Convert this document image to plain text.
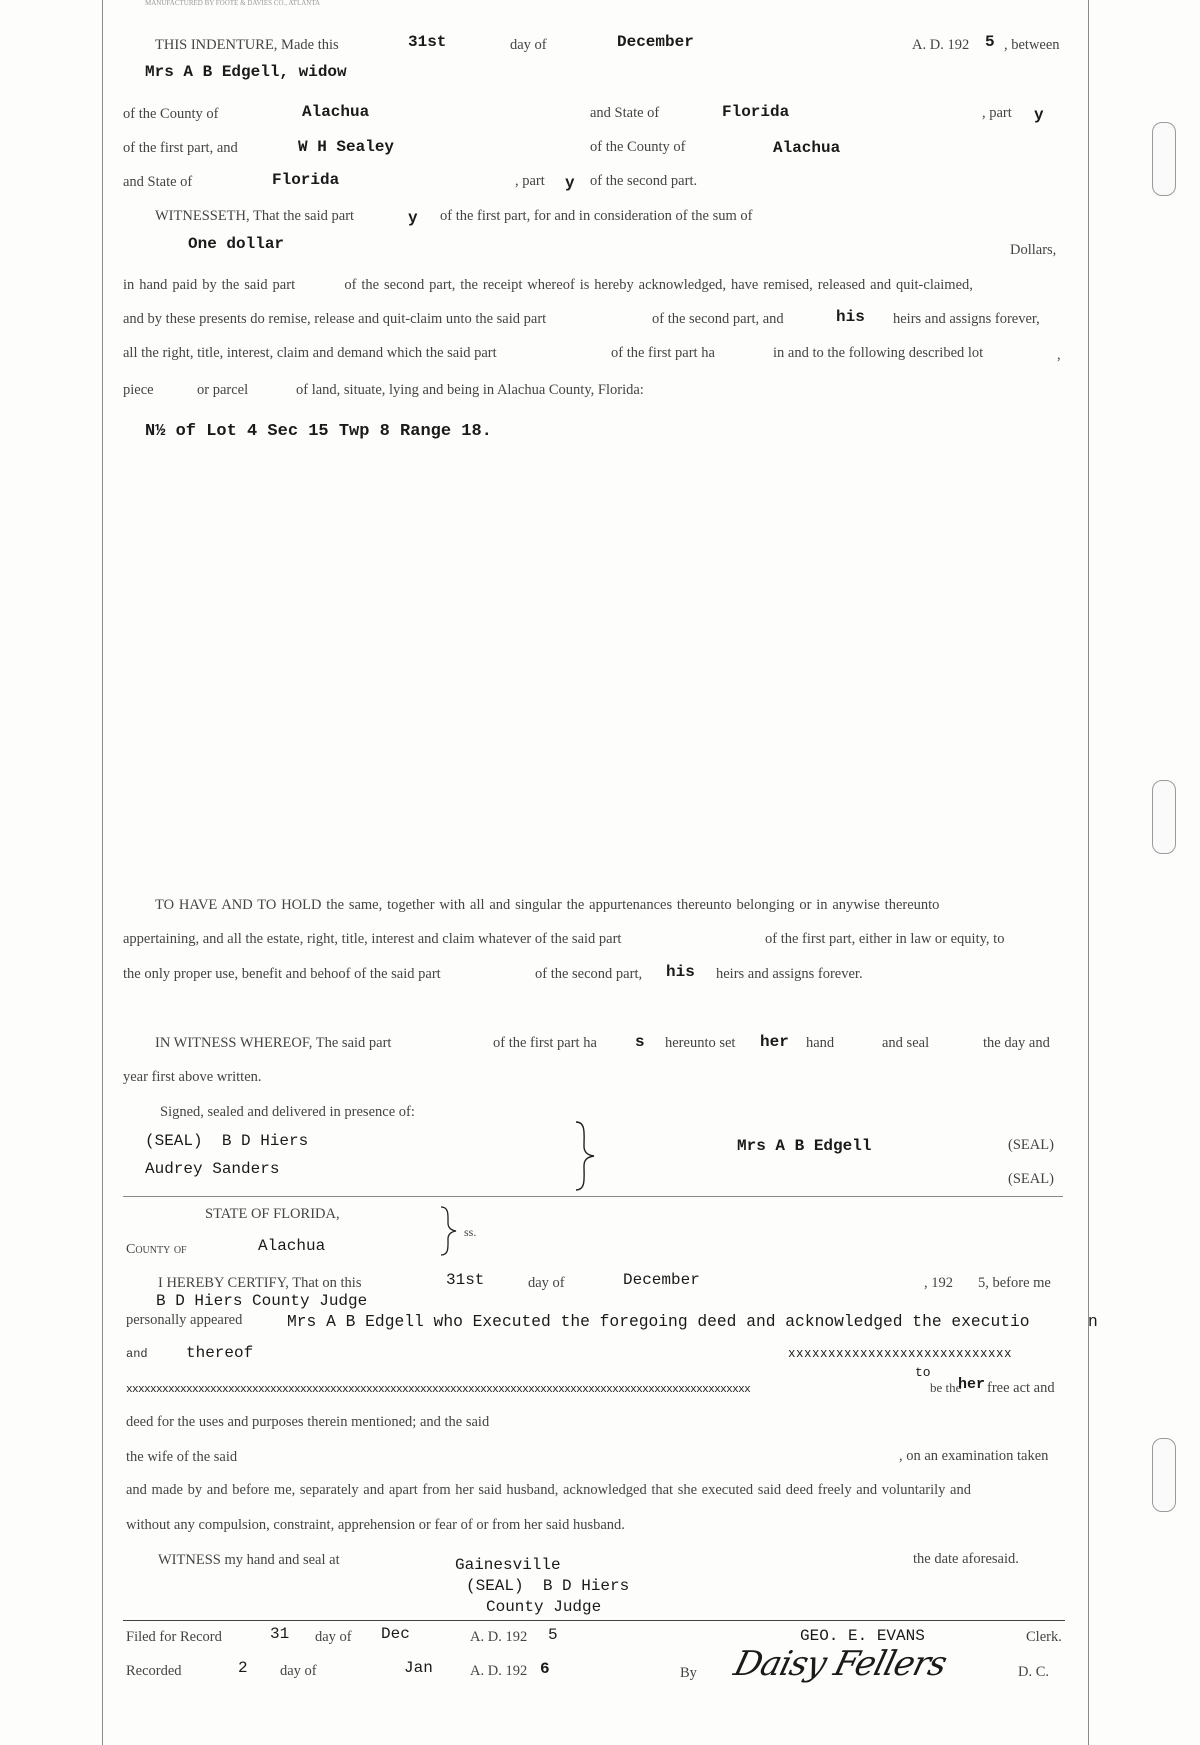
MANUFACTURED BY FOOTE & DAVIES CO., ATLANTA
THIS INDENTURE, Made this	31st	day of	December	A. D. 192 5 , between
Mrs A B Edgell, widow
of the County of	Alachua	and State of	Florida	, part y
of the first part, and	W H Sealey	of the County of	Alachua
and State of	Florida	, part y of the second part.
WITNESSETH, That the said part	y of the first part, for and in consideration of the sum of
One dollar	Dollars,
in hand paid by the said part          of the second part, the receipt whereof is hereby acknowledged, have remised, released and quit-claimed,
and by these presents do remise, release and quit-claim unto the said part	of the second part, and	his heirs and assigns forever,
all the right, title, interest, claim and demand which the said part	of the first part ha	in and to the following described lot	,
piece	or parcel	of land, situate, lying and being in Alachua County, Florida:
N½ of Lot 4 Sec 15 Twp 8 Range 18.
TO HAVE AND TO HOLD the same, together with all and singular the appurtenances thereunto belonging or in anywise thereunto
appertaining, and all the estate, right, title, interest and claim whatever of the said part	of the first part, either in law or equity, to
the only proper use, benefit and behoof of the said part	of the second part, his heirs and assigns forever.
IN WITNESS WHEREOF, The said part	of the first part ha s hereunto set her hand	and seal	the day and
year first above written.
Signed, sealed and delivered in presence of:
(SEAL)  B D Hiers
Audrey Sanders
Mrs A B Edgell	(SEAL)
(SEAL)
STATE OF FLORIDA,
ss.
County of	Alachua
I HEREBY CERTIFY, That on this	31st	day of	December	, 192 5, before me
B D Hiers County Judge
personally appeared	Mrs A B Edgell who Executed the foregoing deed and acknowledged the executio	n
and thereof	xxxxxxxxxxxxxxxxxxxxxxxxxxxx
xxxxxxxxxxxxxxxxxxxxxxxxxxxxxxxxxxxxxxxxxxxxxxxxxxxxxxxxxxxxxxxxxxxxxxxxxxxxxxxxxxxxxxxxxxxxxxxxxxxxxxxx
to
be the
her free act and
deed for the uses and purposes therein mentioned; and the said
the wife of the said	, on an examination taken
and made by and before me, separately and apart from her said husband, acknowledged that she executed said deed freely and voluntarily and
without any compulsion, constraint, apprehension or fear of or from her said husband.
WITNESS my hand and seal at	Gainesville	the date aforesaid.
(SEAL)  B D Hiers
County Judge
Filed for Record	31 day of Dec	A. D. 192 5	GEO. E. EVANS	Clerk.
Recorded	2 day of	Jan	A. D. 192 6	By Daisy Fellers	D. C.
